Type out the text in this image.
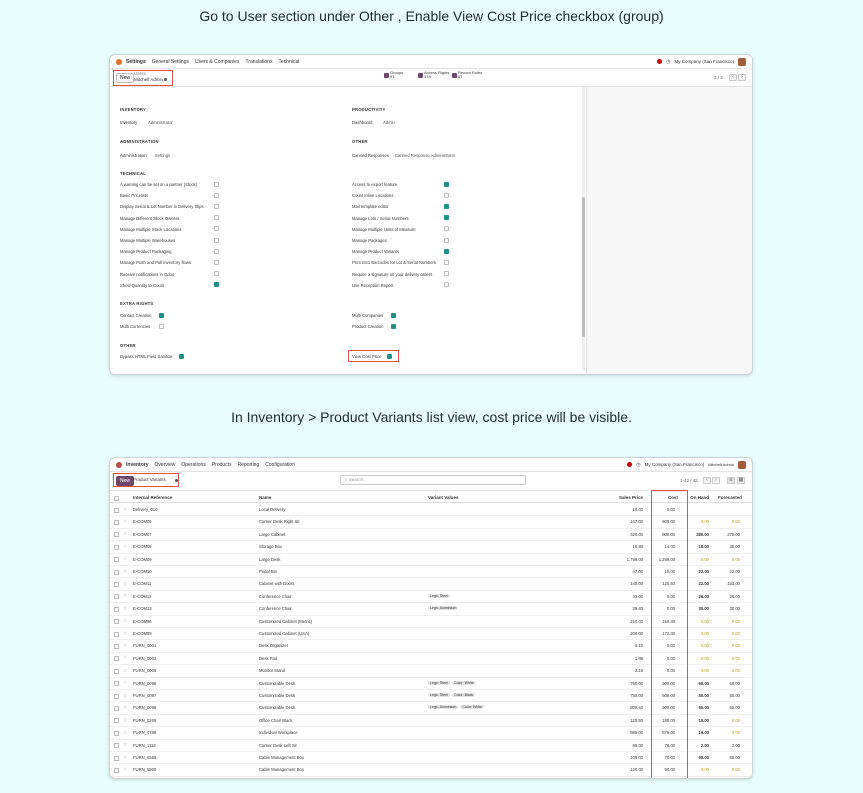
Go to User section under Other , Enable View Cost Price checkbox (group)
Settings General Settings Users & Companies Translations Technical	◷ My Company (San Francisco)
New
Users
Mitchell Admin
Groups
91
Access Rights
378
Record Rules
87	2 / 2	‹	›
INVENTORY
Inventory	Administrator
ADMINISTRATION
Administration Settings
PRODUCTIVITY
Dashboard	Admin
OTHER
Canned Responses Canned Response Administrator
TECHNICAL
A warning can be set on a partner (Stock)
Basic Pricelists
Display Serial & Lot Number in Delivery Slips
Manage Different Stock Owners
Manage Multiple Stock Locations
Manage Multiple Warehouses
Manage Product Packaging
Manage Push and Pull inventory flows
Receive notifications in Odoo
Show Quantity to Count
Access to export feature
Count Inline Locations
Mail template editor
Manage Lots / Serial Numbers
Manage Multiple Units of Measure
Manage Packages
Manage Product Variants
Print GS1 Barcodes for Lot & Serial Numbers
Require a signature on your delivery orders
Use Reception Report
EXTRA RIGHTS
Contact Creation
Multi Currencies
Multi Companies
Product Creation
OTHER
Bypass HTML Field Sanitize	View Cost Price
In Inventory > Product Variants list view, cost price will be visible.
Inventory Overview Operations Products Reporting Configuration	◷ My Company (San Francisco) Mitchell Admin
New Product Variants	⌕ Search...	1-42 / 42	‹	›	≡	▦
Internal Reference	Name	Variant Values	Sales Price	Cost	On Hand	Forecasted
☆ Delivery_010	Local Delivery	10.00	0.00
☆ E-COM06	Corner Desk Right Sit	147.00	600.00	0.00	0.00
☆ E-COM07	Large Cabinet	320.00	800.00	280.00	270.00
☆ E-COM08	Storage Box	15.80	14.00	18.00	30.00
☆ E-COM09	Large Desk	1,799.00	1,299.00	0.00	0.00
☆ E-COM10	Pedal Bin	47.00	10.00	22.00	22.00
☆ E-COM11	Cabinet with Doors	140.00	120.50	22.00	153.00
☆ E-COM12	Conference Chair	Legs: Steel	33.00	0.00	26.00	26.00
☆ E-COM13	Conference Chair	Legs: Aluminium	39.40	0.00	30.00	30.00
☆ E-COM96	Customized Cabinet (Metric)	210.00	150.30	0.00	0.00
☆ E-COM99	Customized Cabinet (USA)	200.00	172.30	0.00	0.00
☆ FURN_0001	Desk Organizer	5.10	0.00	0.00	0.00
☆ FURN_0002	Desk Pad	1.98	0.00	0.00	0.00
☆ FURN_0006	Monitor Stand	3.19	0.00	0.00	0.00
☆ FURN_0096	Customizable Desk	Legs: Steel Color: White	750.00	500.00	60.00	60.00
☆ FURN_0097	Customizable Desk	Legs: Steel Color: Black	750.00	500.00	50.00	50.00
☆ FURN_0098	Customizable Desk	Legs: Aluminium Color: White	800.40	500.00	55.00	55.00
☆ FURN_0269	Office Chair Black	120.50	180.00	10.00	0.00
☆ FURN_0789	Individual Workplace	885.00	876.00	16.00	0.00
☆ FURN_1118	Corner Desk Left Sit	85.00	78.00	2.00	2.00
☆ FURN_5555	Cable Management Box	100.00	70.00	90.00	90.00
☆ FURN_5800	Cable Management Box	120.00	90.00	0.00	0.00
